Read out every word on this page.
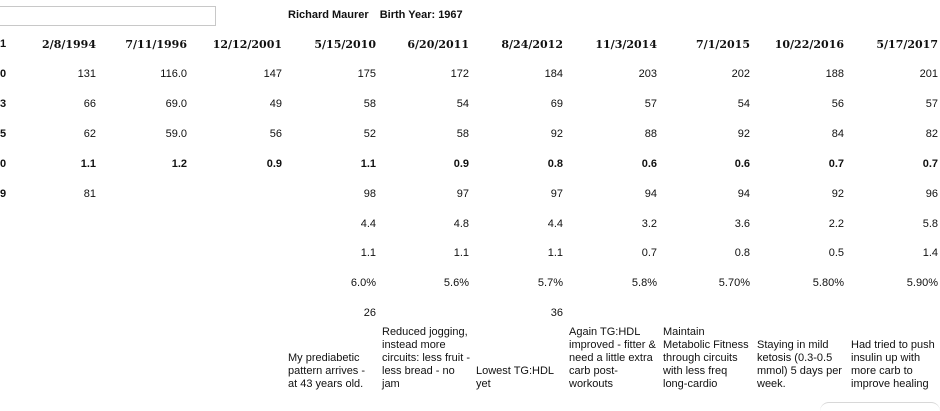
Richard Maurer Birth Year: 1967
1
0
3
5
0
9
2/8/1994
131
66
62
1.1
81
7/11/1996
116.0
69.0
59.0
1.2
12/12/2001
147
49
56
0.9
5/15/2010
175
58
52
1.1
98
4.4
1.1
6.0%
26
6/20/2011
172
54
58
0.9
97
4.8
1.1
5.6%
8/24/2012
184
69
92
0.8
97
4.4
1.1
5.7%
36
11/3/2014
203
57
88
0.6
94
3.2
0.7
5.8%
7/1/2015
202
54
92
0.6
94
3.6
0.8
5.70%
10/22/2016
188
56
84
0.7
92
2.2
0.5
5.80%
5/17/2017
201
57
82
0.7
96
5.8
1.4
5.90%
My prediabetic pattern arrives - at 43 years old.
Reduced jogging, instead more circuits: less fruit - less bread - no jam
Lowest TG:HDL yet
Again TG:HDL improved - fitter & need a little extra carb post-workouts
Maintain Metabolic Fitness through circuits with less freq long-cardio
Staying in mild ketosis (0.3-0.5 mmol) 5 days per week.
Had tried to push insulin up with more carb to improve healing
